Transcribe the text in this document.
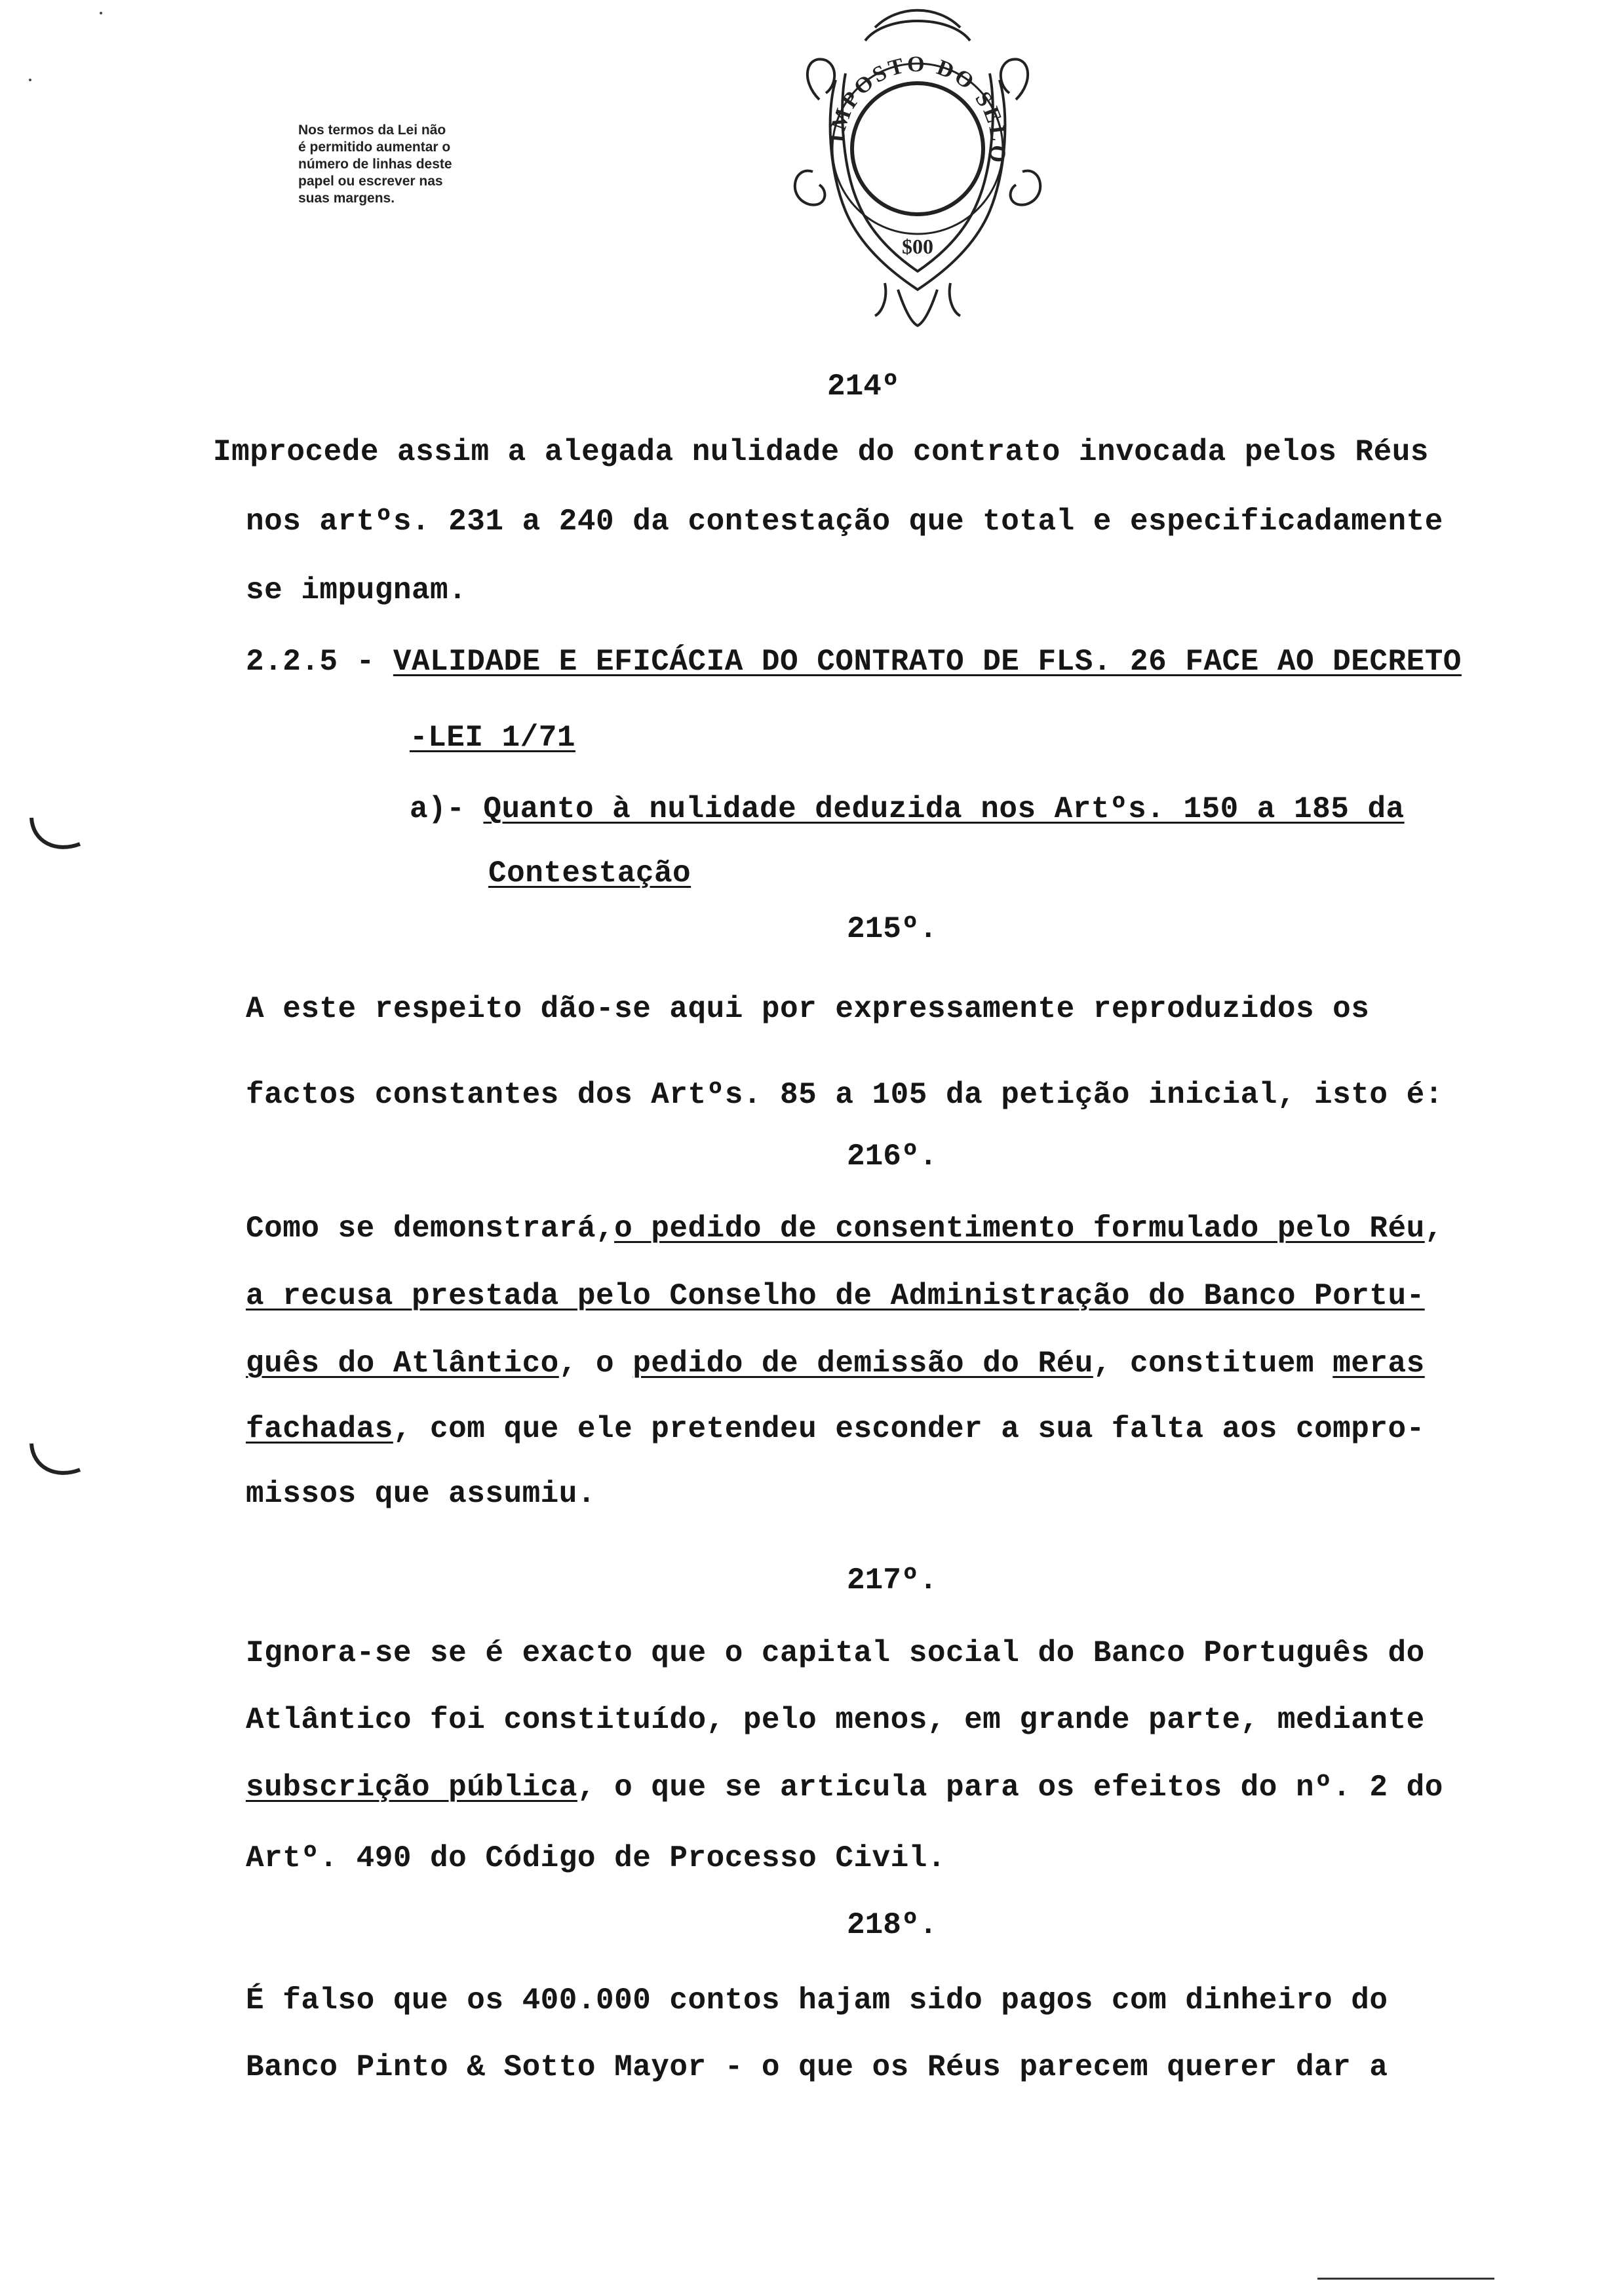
Nos termos da Lei não
é permitido aumentar o
número de linhas deste
papel ou escrever nas
suas margens.
IMPOSTO DO SELO
$00
214º
Improcede assim a alegada nulidade do contrato invocada pelos Réus
nos artºs. 231 a 240 da contestação que total e especificadamente
se impugnam.
2.2.5 - VALIDADE E EFICÁCIA DO CONTRATO DE FLS. 26 FACE AO DECRETO
-LEI 1/71
a)- Quanto à nulidade deduzida nos Artºs. 150 a 185 da
Contestação
215º.
A este respeito dão-se aqui por expressamente reproduzidos os
factos constantes dos Artºs. 85 a 105 da petição inicial, isto é:
216º.
Como se demonstrará,o pedido de consentimento formulado pelo Réu,
a recusa prestada pelo Conselho de Administração do Banco Portu-
guês do Atlântico, o pedido de demissão do Réu, constituem meras
fachadas, com que ele pretendeu esconder a sua falta aos compro-
missos que assumiu.
217º.
Ignora-se se é exacto que o capital social do Banco Português do
Atlântico foi constituído, pelo menos, em grande parte, mediante
subscrição pública, o que se articula para os efeitos do nº. 2 do
Artº. 490 do Código de Processo Civil.
218º.
É falso que os 400.000 contos hajam sido pagos com dinheiro do
Banco Pinto & Sotto Mayor - o que os Réus parecem querer dar a
